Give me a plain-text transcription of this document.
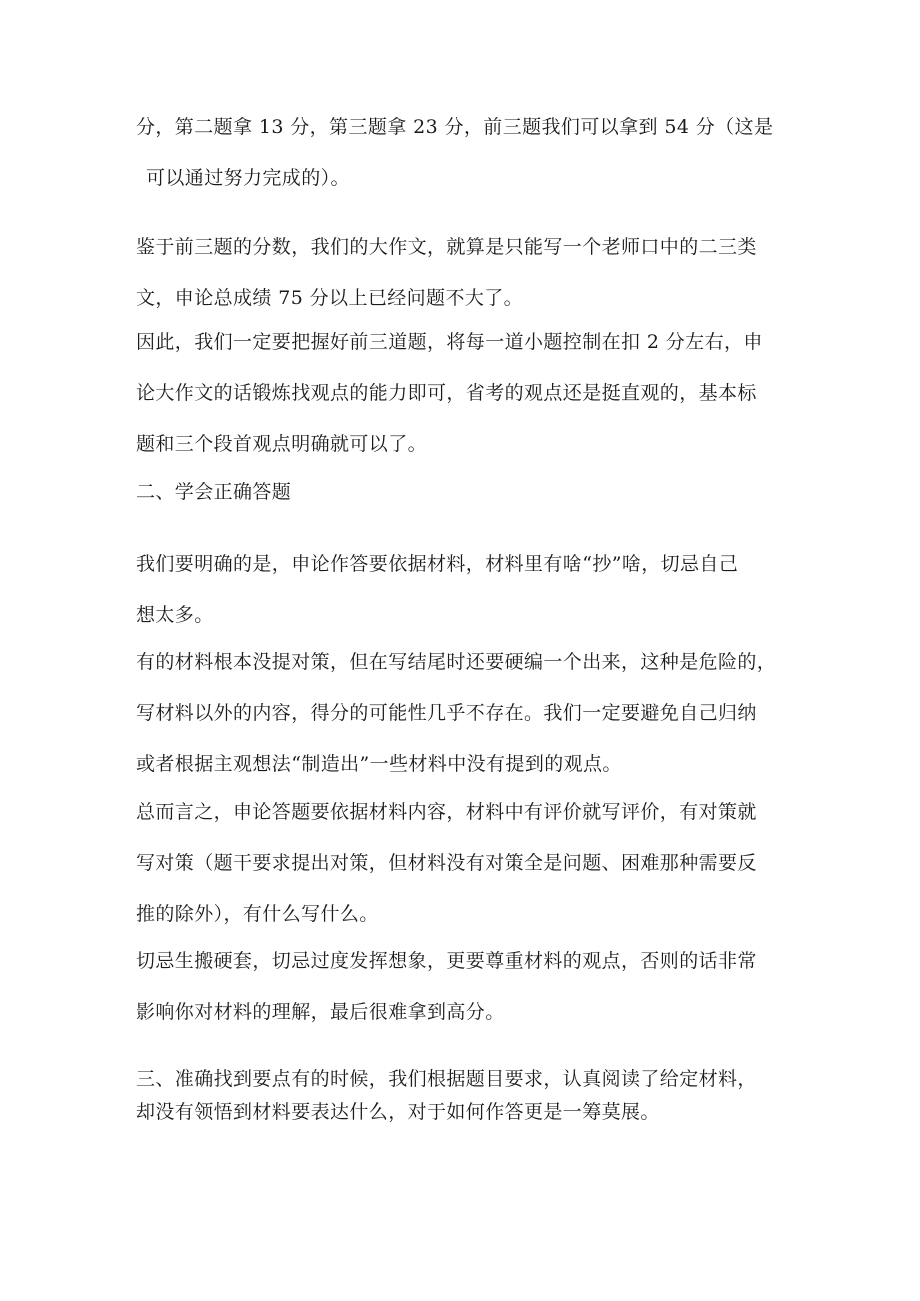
分，第二题拿 13 分，第三题拿 23 分，前三题我们可以拿到 54 分（这是
可以通过努力完成的）。

鉴于前三题的分数，我们的大作文，就算是只能写一个老师口中的二三类
文，申论总成绩 75 分以上已经问题不大了。

因此，我们一定要把握好前三道题，将每一道小题控制在扣 2 分左右，申
论大作文的话锻炼找观点的能力即可，省考的观点还是挺直观的，基本标
题和三个段首观点明确就可以了。

二、学会正确答题

我们要明确的是，申论作答要依据材料，材料里有啥“抄”啥，切忌自己
想太多。

有的材料根本没提对策，但在写结尾时还要硬编一个出来，这种是危险的，
写材料以外的内容，得分的可能性几乎不存在。我们一定要避免自己归纳
或者根据主观想法“制造出”一些材料中没有提到的观点。

总而言之，申论答题要依据材料内容，材料中有评价就写评价，有对策就
写对策（题干要求提出对策，但材料没有对策全是问题、困难那种需要反
推的除外），有什么写什么。

切忌生搬硬套，切忌过度发挥想象，更要尊重材料的观点，否则的话非常
影响你对材料的理解，最后很难拿到高分。

三、准确找到要点有的时候，我们根据题目要求，认真阅读了给定材料，
却没有领悟到材料要表达什么，对于如何作答更是一筹莫展。
